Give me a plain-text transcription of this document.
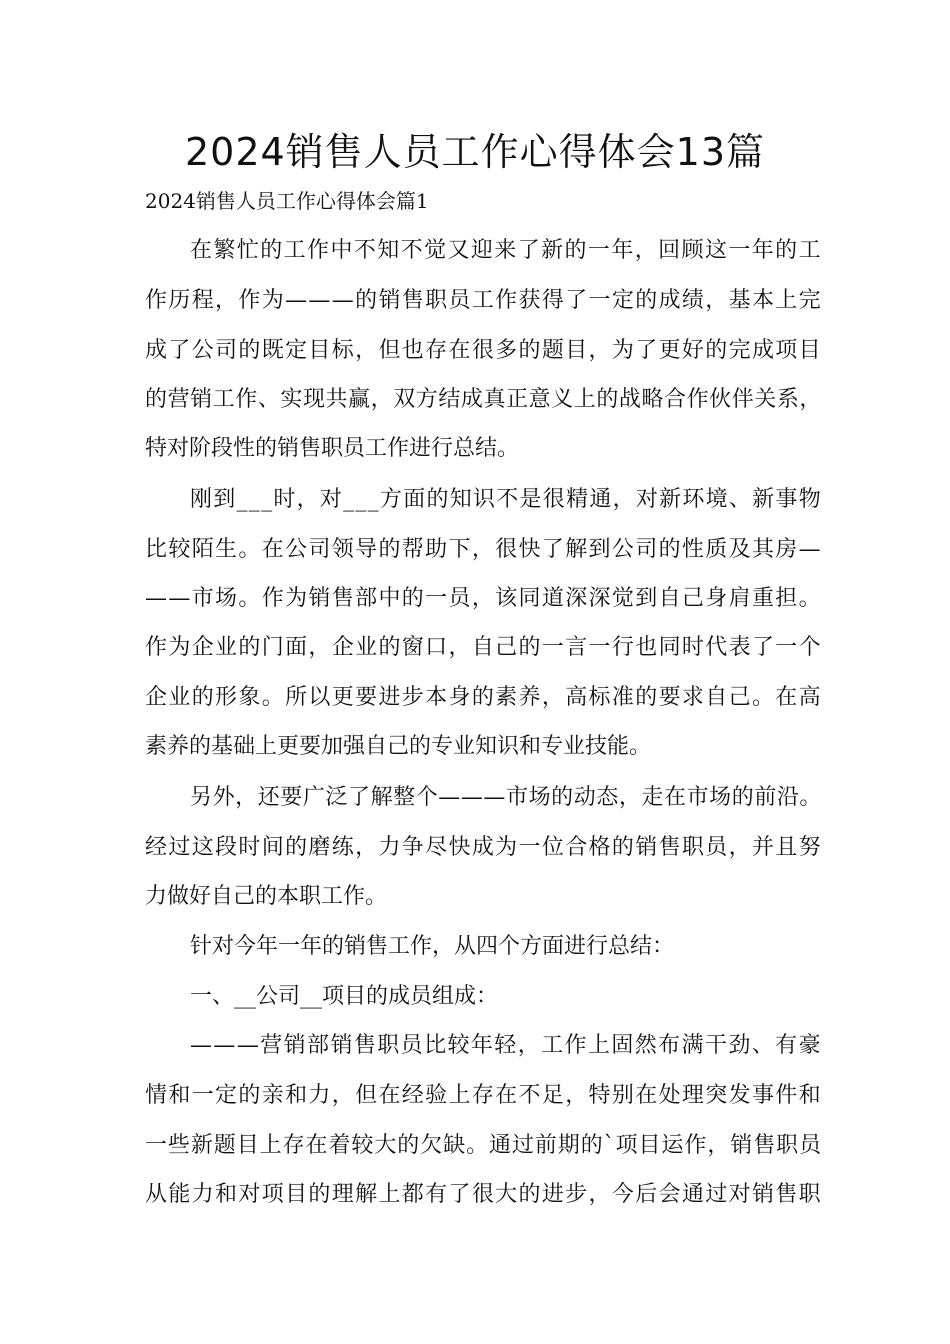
2024销售人员工作心得体会13篇
2024销售人员工作心得体会篇1
在繁忙的工作中不知不觉又迎来了新的一年，回顾这一年的工
作历程，作为———的销售职员工作获得了一定的成绩，基本上完
成了公司的既定目标，但也存在很多的题目，为了更好的完成项目
的营销工作、实现共赢，双方结成真正意义上的战略合作伙伴关系，
特对阶段性的销售职员工作进行总结。
刚到___时，对___方面的知识不是很精通，对新环境、新事物
比较陌生。在公司领导的帮助下，很快了解到公司的性质及其房—
——市场。作为销售部中的一员，该同道深深觉到自己身肩重担。
作为企业的门面，企业的窗口，自己的一言一行也同时代表了一个
企业的形象。所以更要进步本身的素养，高标准的要求自己。在高
素养的基础上更要加强自己的专业知识和专业技能。
另外，还要广泛了解整个———市场的动态，走在市场的前沿。
经过这段时间的磨练，力争尽快成为一位合格的销售职员，并且努
力做好自己的本职工作。
针对今年一年的销售工作，从四个方面进行总结：
一、__公司__项目的成员组成：
———营销部销售职员比较年轻，工作上固然布满干劲、有豪
情和一定的亲和力，但在经验上存在不足，特别在处理突发事件和
一些新题目上存在着较大的欠缺。通过前期的`项目运作，销售职员
从能力和对项目的理解上都有了很大的进步，今后会通过对销售职
